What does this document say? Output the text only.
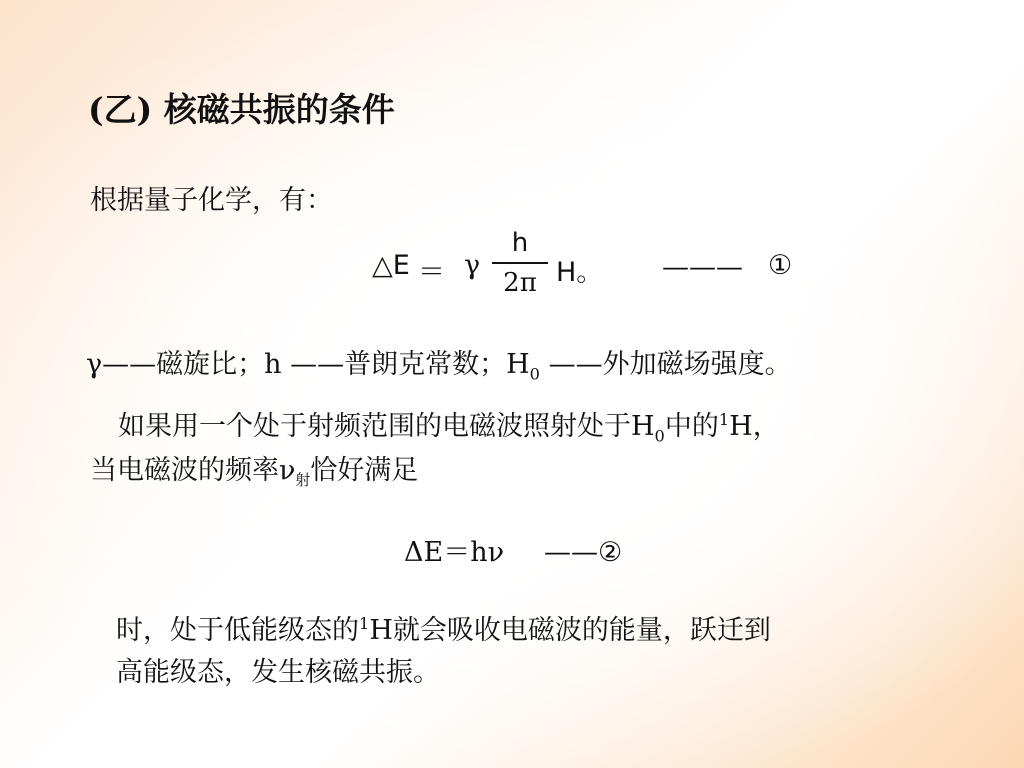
(乙) 核磁共振的条件
根据量子化学，有：
△E ＝ γ
h
2π H。 ——— ①
γ——磁旋比；h ——普朗克常数；$H_0$ ——外加磁场强度。
如果用一个处于射频范围的电磁波照射处于$H_0$中的$^1$H，
当电磁波的频率$\nu_射$恰好满足
ΔE＝hν ——②
时，处于低能级态的$^1$H就会吸收电磁波的能量，跃迁到
高能级态，发生核磁共振。
